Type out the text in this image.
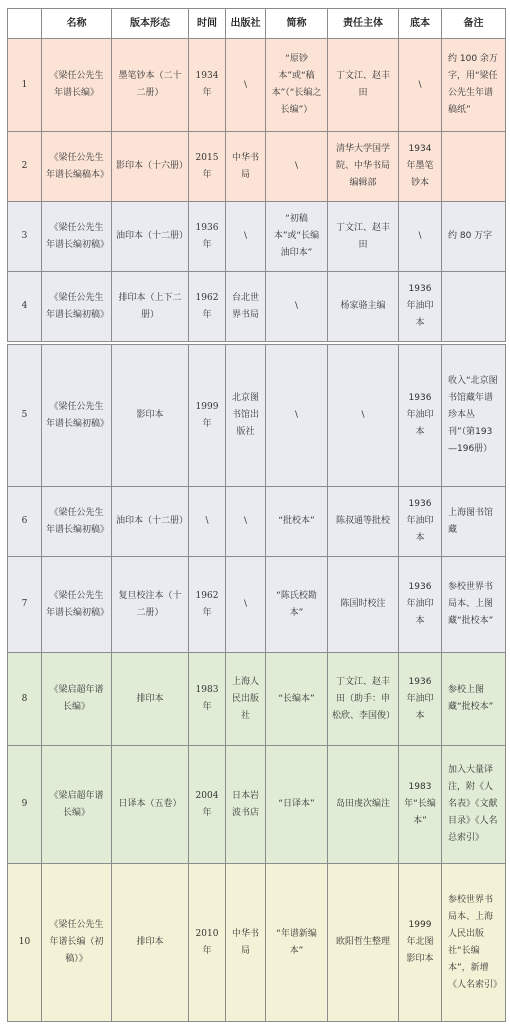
	名称	版本形态	时间	出版社	简称	责任主体	底本	备注
1	《梁任公先生年谱长编》	墨笔钞本（二十二册）	1934 年	\	“原钞本”或“稿本”（“长编之长编”）	丁文江、赵丰田	\	约 100 余万字，用“梁任公先生年谱稿纸”
2	《梁任公先生年谱长编稿本》	影印本（十六册）	2015 年	中华书局	\	清华大学国学院、中华书局编辑部	1934 年墨笔钞本	
3	《梁任公先生年谱长编初稿》	油印本（十二册）	1936 年	\	“初稿本”或“长编油印本”	丁文江、赵丰田	\	约 80 万字
4	《梁任公先生年谱长编初稿》	排印本（上下二册）	1962 年	台北世界书局	\	杨家骆主编	1936 年油印本	
5	《梁任公先生年谱长编初稿》	影印本	1999 年	北京图书馆出版社	\	\	1936 年油印本	收入“北京图书馆藏年谱珍本丛刊”（第193—196册）
6	《梁任公先生年谱长编初稿》	油印本（十二册）	\	\	“批校本”	陈叔通等批校	1936 年油印本	上海图书馆藏
7	《梁任公先生年谱长编初稿》	复旦校注本（十二册）	1962 年	\	“陈氏校勘本”	陈国时校注	1936 年油印本	参校世界书局本、上图藏“批校本”
8	《梁启超年谱长编》	排印本	1983 年	上海人民出版社	“长编本”	丁文江、赵丰田（助手：申松欣、李国俊）	1936 年油印本	参校上图藏“批校本”
9	《梁启超年谱长编》	日译本（五卷）	2004 年	日本岩波书店	“日译本”	岛田虔次编注	1983 年“长编本”	加入大量译注，附《人名表》《文献目录》《人名总索引》
10	《梁任公先生年谱长编（初稿）》	排印本	2010 年	中华书局	“年谱新编本”	欧阳哲生整理	1999 年北图影印本	参校世界书局本、上海人民出版社“长编本”，新增《人名索引》
